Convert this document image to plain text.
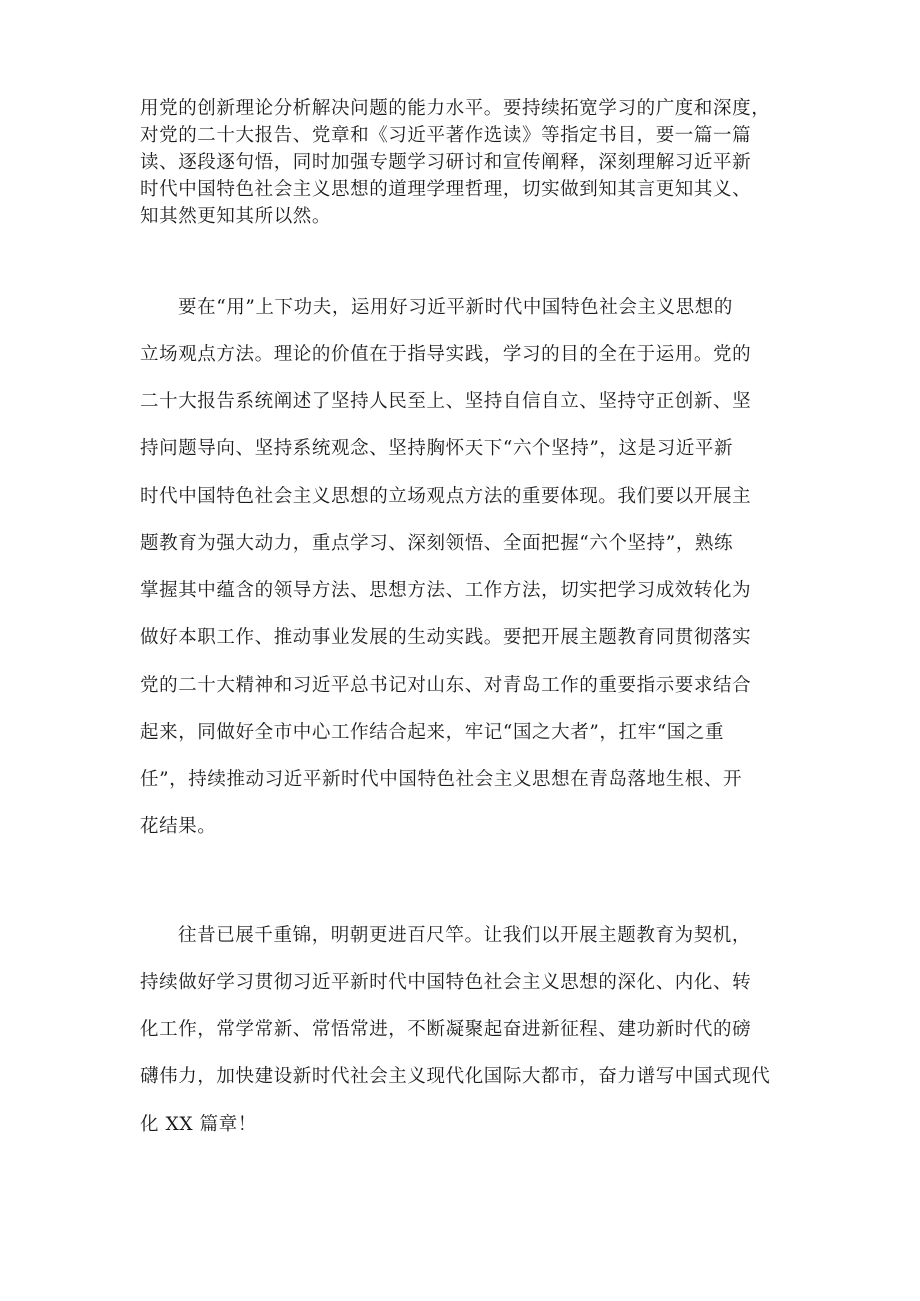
用党的创新理论分析解决问题的能力水平。要持续拓宽学习的广度和深度，
对党的二十大报告、党章和《习近平著作选读》等指定书目，要一篇一篇
读、逐段逐句悟，同时加强专题学习研讨和宣传阐释，深刻理解习近平新
时代中国特色社会主义思想的道理学理哲理，切实做到知其言更知其义、
知其然更知其所以然。
要在“用”上下功夫，运用好习近平新时代中国特色社会主义思想的
立场观点方法。理论的价值在于指导实践，学习的目的全在于运用。党的
二十大报告系统阐述了坚持人民至上、坚持自信自立、坚持守正创新、坚
持问题导向、坚持系统观念、坚持胸怀天下“六个坚持”，这是习近平新
时代中国特色社会主义思想的立场观点方法的重要体现。我们要以开展主
题教育为强大动力，重点学习、深刻领悟、全面把握“六个坚持”，熟练
掌握其中蕴含的领导方法、思想方法、工作方法，切实把学习成效转化为
做好本职工作、推动事业发展的生动实践。要把开展主题教育同贯彻落实
党的二十大精神和习近平总书记对山东、对青岛工作的重要指示要求结合
起来，同做好全市中心工作结合起来，牢记“国之大者”，扛牢“国之重
任”，持续推动习近平新时代中国特色社会主义思想在青岛落地生根、开
花结果。
往昔已展千重锦，明朝更进百尺竿。让我们以开展主题教育为契机，
持续做好学习贯彻习近平新时代中国特色社会主义思想的深化、内化、转
化工作，常学常新、常悟常进，不断凝聚起奋进新征程、建功新时代的磅
礴伟力，加快建设新时代社会主义现代化国际大都市，奋力谱写中国式现代
化 XX 篇章！
